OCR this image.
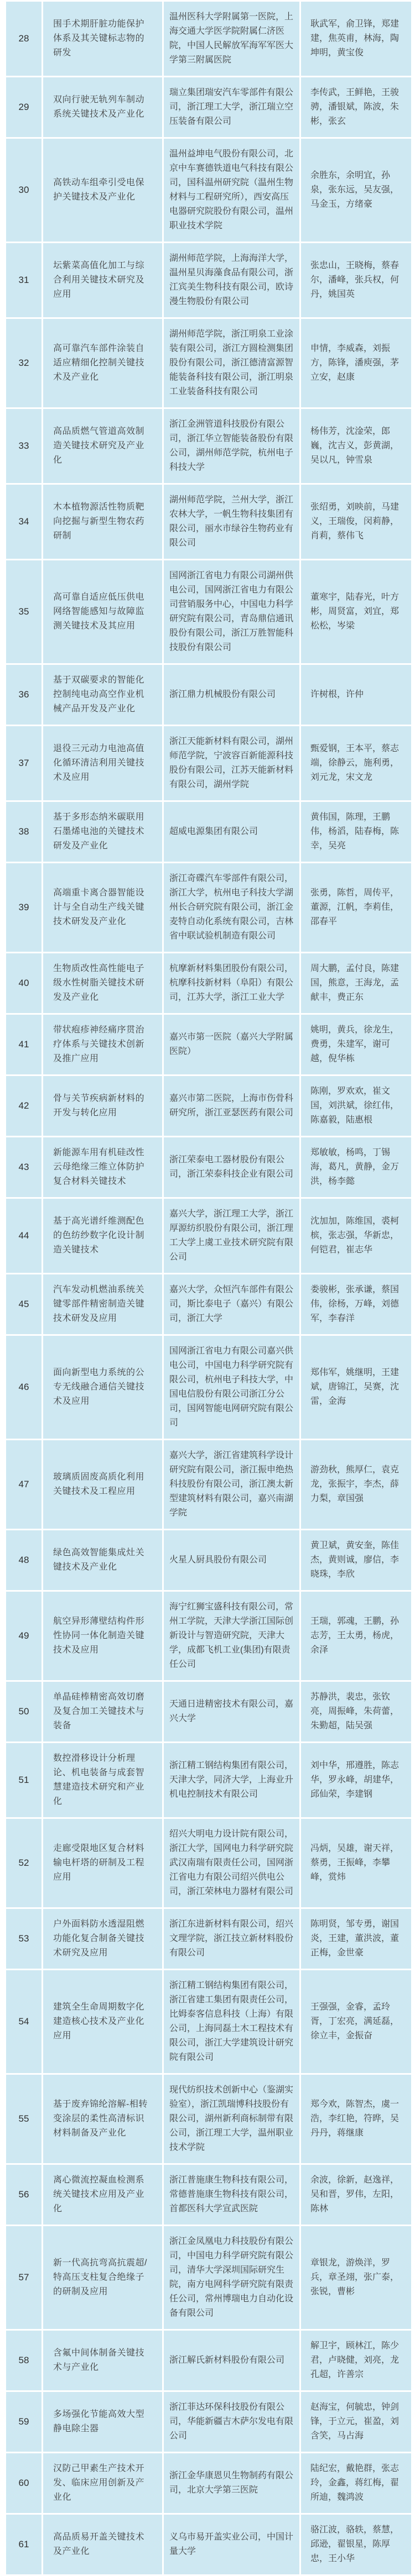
28	围手术期肝脏功能保护体系及其关键标志物的研发	温州医科大学附属第一医院，上海交通大学医学院附属仁济医院，中国人民解放军海军军医大学第三附属医院	耿武军，俞卫锋，郑建建，焦英甫，林海，陶坤明，黄宝俊
29	双向行驶无轨列车制动系统关键技术及产业化	瑞立集团瑞安汽车零部件有限公司，浙江理工大学，浙江瑞立空压装备有限公司	李传武，王鲜艳，王骏骋，潘银斌，陈波，朱彬，张玄
30	高铁动车组牵引受电保护关键技术及产业化	温州益坤电气股份有限公司，北京中车赛德铁道电气科技有限公司，国科温州研究院（温州生物材料与工程研究所），西安高压电器研究院股份有限公司，温州职业技术学院	余胜东，余明宜，孙泉，张东远，吴友强，马金玉，方绪豪
31	坛紫菜高值化加工与综合利用关键技术研究及应用	湖州师范学院，上海海洋大学，温州星贝海藻食品有限公司，浙江宾美生物科技有限公司，欧诗漫生物股份有限公司	张忠山，王晓梅，蔡春尔，潘峰，张兵权，何丹，姚国英
32	高可靠汽车部件涂装自适应精细化控制关键技术及产业化	湖州师范学院，浙江明泉工业涂装有限公司，浙江方圆检测集团股份有限公司，浙江德清富源智能装备科技有限公司，浙江明泉工业装备科技有限公司	申情，李威森，刘振方，陈锋，潘庾强，茅立安，赵康
33	高品质燃气管道高效制造关键技术研究及产业化	浙江金洲管道科技股份有限公司，浙江华立智能装备股份有限公司，湖州师范学院，杭州电子科技大学	杨伟芳，沈淦荣，郎巍，沈吉义，彭黄湖，吴以凡，钟雪泉
34	木本植物源活性物质靶向挖掘与新型生物农药研制	湖州师范学院，兰州大学，浙江农林大学，一帆生物科技集团有限公司，丽水市绿谷生物药业有限公司	张绍勇，刘映前，马建义，王瑞俊，闵莉静，肖莉，蔡伟飞
35	高可靠自适应低压供电网络智能感知与故障监测关键技术及其应用	国网浙江省电力有限公司湖州供电公司，国网浙江省电力有限公司营销服务中心，中国电力科学研究院有限公司，青岛鼎信通讯股份有限公司，浙江万胜智能科技股份有限公司	董寒宇，陆春光，叶方彬，周贤富，刘宜，郑松松，岑梁
36	基于双碳要求的智能化控制纯电动高空作业机械产品开发及产业化	浙江鼎力机械股份有限公司	许树根，许仲
37	退役三元动力电池高值化循环清洁利用关键技术及应用	浙江天能新材料有限公司，湖州师范学院，宁波容百新能源科技股份有限公司，江苏天能新材料有限公司，湖州学院	甄爱钢，王本平，蔡志端，徐静云，施利勇，刘元龙，宋文龙
38	基于多形态纳米碳联用石墨烯电池的关键技术研发及产业化	超威电源集团有限公司	黄伟国，陈理，王鹏伟，杨滔，陆春梅，陈幸，吴亮
39	高端重卡离合器智能设计与全自动生产线关键技术研发及产业化	浙江奇碟汽车零部件有限公司，浙江大学，杭州电子科技大学湖州长合研究院有限公司，浙江金麦特自动化系统有限公司，吉林省中联试验机制造有限公司	张勇，陈哲，周传平，董源，江帆，李莉佳，邵春平
40	生物质改性高性能电子级水性树脂关键技术研发及产业化	杭摩新材料集团股份有限公司，杭摩科技新材料（阜阳）有限公司，江苏大学，浙江工业大学	周大鹏，孟付良，陈建国，熊意，王海龙，孟献丰，费正东
41	带状疱疹神经痛序贯治疗体系与关键技术创新及推广应用	嘉兴市第一医院（嘉兴大学附属医院）	姚明，黄兵，徐龙生，费勇，朱建军，谢可越，倪华栋
42	骨与关节疾病新材料的开发与转化应用	嘉兴市第二医院，上海市伤骨科研究所，浙江亚瑟医药有限公司	陈刚，罗欢欢，崔文国，刘洪斌，徐红伟，陈嘉毅，陆惠根
43	新能源车用有机硅改性云母绝缘三维立体防护复合材料关键技术	浙江荣泰电工器材股份有限公司，浙江荣泰科技企业有限公司	郑敏敏，杨鸣，丁锡海，葛凡，黄静，金万洪，杨李懿
44	基于高光谱纤维测配色的色纺纱数字化设计制造关键技术	嘉兴大学，浙江理工大学，浙江厚源纺织股份有限公司，浙江理工大学上虞工业技术研究院有限公司	沈加加，陈维国，裘柯槟，张志强，华新忠，何铠君，崔志华
45	汽车发动机燃油系统关键零部件精密制造关键技术研发及应用	嘉兴大学，众恒汽车部件有限公司，斯比泰电子（嘉兴）有限公司，浙江大学	娄骏彬，张承谦，蔡国伟，徐杨，万峰，刘德军，李春洋
46	面向新型电力系统的公专无线融合通信关键技术及应用	国网浙江省电力有限公司嘉兴供电公司，中国电力科学研究院有限公司，杭州电子科技大学，中国电信股份有限公司浙江分公司，国网智能电网研究院有限公司	郑伟军，姚继明，王建斌，唐锦江，吴赛，沈雷，金海
47	玻璃质固废高质化利用关键技术及工程应用	嘉兴大学，浙江省建筑科学设计研究院有限公司，浙江振申绝热科技股份有限公司，浙江澳太新型建筑材料有限公司，嘉兴南湖学院	游劲秋，熊厚仁，袁克龙，张振宇，李杰，薛力梨，章国强
48	绿色高效智能集成灶关键技术及产业化	火星人厨具股份有限公司	黄卫斌，黄安奎，陈佳杰，黄则诚，廖信，李晓珠，李欣
49	航空异形薄壁结构件形性协同一体化制造关键技术及应用	海宁红狮宝盛科技有限公司，常州工学院，天津大学浙江国际创新设计与智造研究院，天津大学，成都飞机工业(集团)有限责任公司	王瑞，郭魂，王鹏，孙志芳，王太勇，杨虎，余泽
50	单晶硅棒精密高效切磨及复合加工关键技术与装备	天通日进精密技术有限公司，嘉兴大学	苏静洪，裴忠，张钦亮，周振峰，朱荷蕾，朱勤超，陆吴强
51	数控滑移设计分析理论、机电装备与成套智慧建造技术研究和产业化	浙江精工钢结构集团有限公司，天津大学，同济大学，上海业升机电控制技术有限公司	刘中华，邢遵胜，陈志华，罗永峰，胡建华，邱仙荣，李建钢
52	走廊受限地区复合材料输电杆塔的研制及工程应用	绍兴大明电力设计院有限公司，浙江大学，国网电力科学研究院武汉南瑞有限责任公司，国网浙江省电力有限公司绍兴供电公司，浙江荣林电力器材有限公司	冯炳，吴雄，谢天祥，蔡勇，王振峰，李攀峰，赏炜
53	户外面料防水透湿阻燃功能化复合制备关键技术研究及应用	浙江东进新材料有限公司，绍兴文理学院，浙江技立新材料股份有限公司	陈明贤，邹专勇，谢国炎，王建，董洪波，董正梅，金世豪
54	建筑全生命周期数字化建造核心技术及产业化应用	浙江精工钢结构集团有限公司，浙江省建工集团有限责任公司，比姆泰客信息科技（上海）有限公司，上海同磊土木工程技术有限公司，浙江大学建筑设计研究院有限公司	王强强，金睿，孟玲胥，丁宏亮，满延磊，徐立丰，金振奋
55	基于废弃锦纶溶解-相转变涂层的柔性高清标识材料制备及产业化	现代纺织技术创新中心（鉴湖实验室），浙江凯瑞博科技股份有限公司，湖州新利商标制带有限公司，浙江理工大学，温州职业技术学院	郑今欢，陈智杰，虞一浩，李红艳，符晔，吴丹丹，蒋继康
56	离心微流控凝血检测系统关键技术应用及产业化	浙江普施康生物科技有限公司，常德普施康生物科技有限公司，首都医科大学宣武医院	余波，徐新，赵逸祥，吴和晋，罗伟，左阳，陈林
57	新一代高抗弯高抗震超/特高压支柱复合绝缘子的研制及应用	浙江金凤凰电力科技股份有限公司，中国电力科学研究院有限公司，清华大学深圳国际研究生院，南方电网科学研究院有限责任公司，常州博瑞电力自动化设备有限公司	章银龙，游焕洋，罗兵，章圣翊，张广泰，张锐，曹彬
58	含氟中间体制备关键技术与产业化	浙江解氏新材料股份有限公司	解卫宇，顾林江，陈少君，卢晓健，刘亮，龙孔超，许善宗
59	多场强化节能高效大型静电除尘器	浙江菲达环保科技股份有限公司，华能新疆吉木萨尔发电有限公司	赵海宝，何毓忠，钟剑锋，于立元，崔盈，刘含笑，马占海
60	汉防己甲素生产技术开发、临床应用创新及产业化	浙江金华康恩贝生物制药有限公司，北京大学第三医院	陆纪宏，戴艳群，张志玲，金鑫，蒋红梅，翟所迪，魏鸿波
61	高品质易开盖关键技术及产业化	义乌市易开盖实业公司，中国计量大学	骆江波，骆轶，蔡慧，邱逊，翟银星，陈厚忠，王小华
